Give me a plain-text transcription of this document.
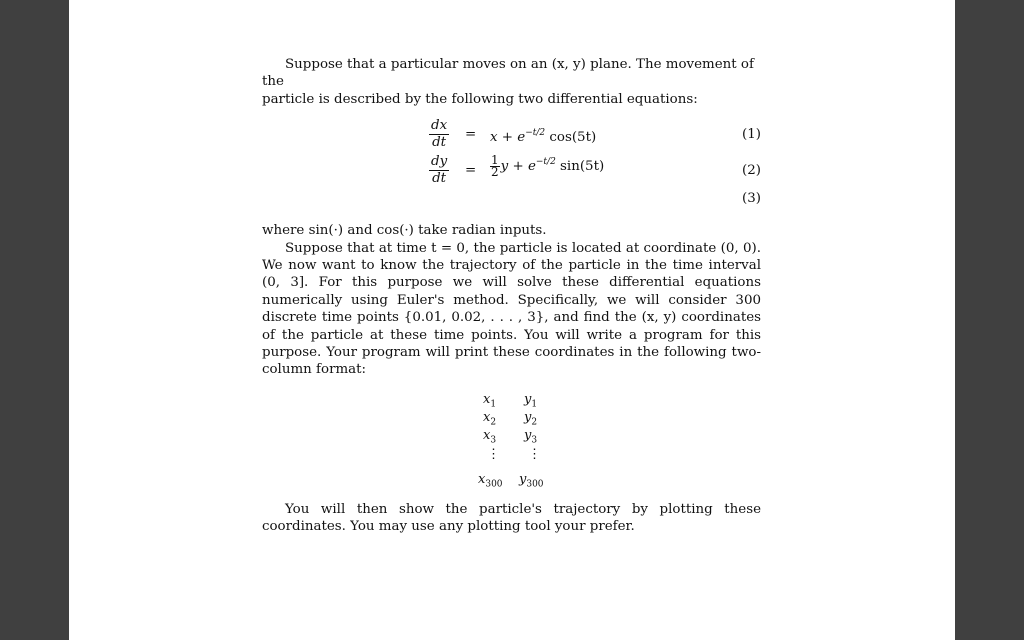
Suppose that a particular moves on an (x, y) plane. The movement of the

particle is described by the following two differential equations:

$\frac{dx}{dt} = x + e^{-t/2}$ cos(5t)	(1)
$\frac{dy}{dt} = \frac{1}{2}$ $y + e^{-t/2}$ sin(5t)	(2)
(3)

where sin(·) and cos(·) take radian inputs.

Suppose that at time t = 0, the particle is located at coordinate (0, 0). We now want to know the trajectory of the particle in the time interval (0, 3]. For this purpose we will solve these differential equations numerically using Euler's method. Specifically, we will consider 300 discrete time points {0.01, 0.02, . . . , 3}, and find the (x, y) coordinates of the particle at these time points. You will write a program for this purpose. Your program will print these coordinates in the following two-column format:

$x_1$ $y_1$
$x_2$ $y_2$
$x_3$ $y_3$
⋮ ⋮
$x_{300}$ $y_{300}$

You will then show the particle's trajectory by plotting these coordinates. You may use any plotting tool your prefer.
